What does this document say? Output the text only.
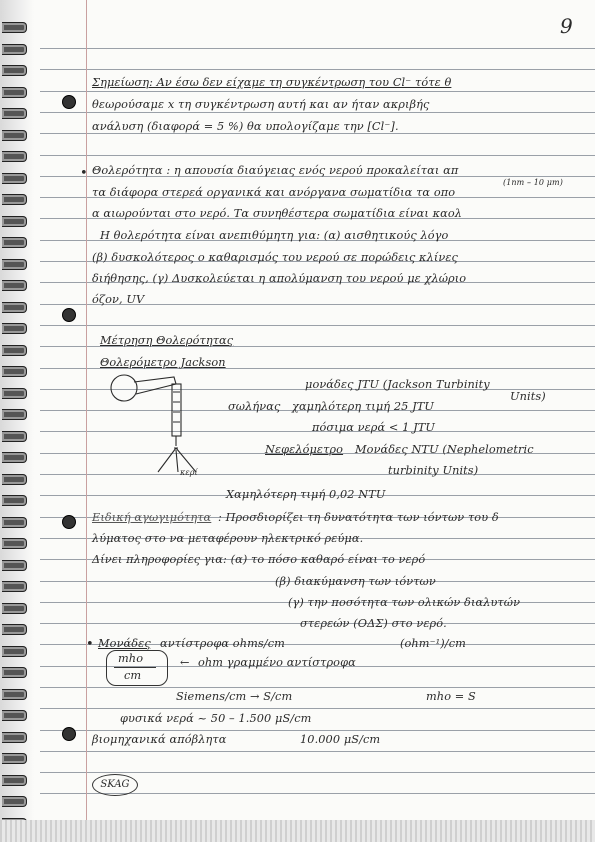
9
Σημείωση: Αν έσω δεν είχαμε τη συγκέντρωση του Cl⁻ τότε θ
θεωρούσαμε x τη συγκέντρωση αυτή και αν ήταν ακριβής
ανάλυση (διαφορά = 5 %) θα υπολογίζαμε την [Cl⁻].
• Θολερότητα : η απουσία διαύγειας ενός νερού προκαλείται απ
τα διάφορα στερεά οργανικά και ανόργανα σωματίδια τα οπο
(1nm – 10 μm)
α αιωρούνται στο νερό. Τα συνηθέστερα σωματίδια είναι καολ
Η θολερότητα είναι ανεπιθύμητη για: (α) αισθητικούς λόγο
(β) δυσκολότερος ο καθαρισμός του νερού σε πορώδεις κλίνες
διήθησης, (γ) Δυσκολεύεται η απολύμανση του νερού με χλώριο
όζον, UV
Μέτρηση Θολερότητας
Θολερόμετρο Jackson
μονάδες JTU (Jackson Turbinity
Units)
σωλήνας χαμηλότερη τιμή 25 JTU
πόσιμα νερά < 1 JTU
Νεφελόμετρο Μονάδες NTU (Nephelometric
turbinity Units)
κερί
Χαμηλότερη τιμή 0,02 NTU
Ειδική αγωγιμότητα : Προσδιορίζει τη δυνατότητα των ιόντων του δ
λύματος στο να μεταφέρουν ηλεκτρικό ρεύμα.
Δίνει πληροφορίες για: (α) το πόσο καθαρό είναι το νερό
(β) διακύμανση των ιόντων
(γ) την ποσότητα των ολικών διαλυτών
στερεών (ΟΔΣ) στο νερό.
• Μονάδες αντίστροφα ohms/cm	(ohm⁻¹)/cm
mho
cm
← ohm γραμμένο αντίστροφα
Siemens/cm → S/cm	mho = S
φυσικά νερά ~ 50 – 1.500 μS/cm
βιομηχανικά απόβλητα	10.000 μS/cm
SKAG
